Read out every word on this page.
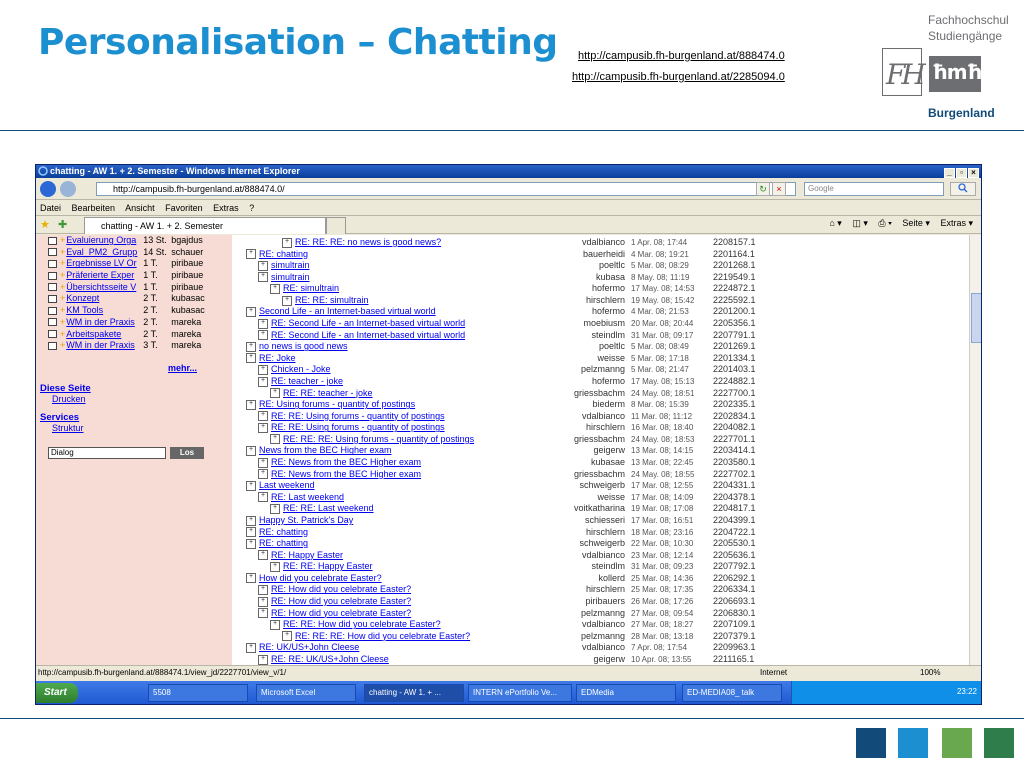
Personalisation – Chatting http://campusib.fh-burgenland.at/888474.0
http://campusib.fh-burgenland.at/2285094.0
Fachhochschul
Studiengänge
FH ħmħ
Burgenland
chatting - AW 1. + 2. Semester - Windows Internet Explorer	_ ▫ ×
http://campusib.fh-burgenland.at/888474.0/	↻ ×	Google
Datei Bearbeiten Ansicht Favoriten Extras ?
★ ✚	chatting - AW 1. + 2. Semester	⌂ ▾ ◫ ▾ ⎙ ▾ Seite ▾ Extras ▾
+Evaluierung Orga 13 St. bgajdus
+Eval_PM2_Grupp 14 St. schauer
+Ergebnisse LV Or 1 T. piribaue
+Präferierte Exper 1 T. piribaue
+Übersichtsseite V 1 T. piribaue
+Konzept	2 T. kubasac
+KM Tools	2 T. kubasac
+WM in der Praxis 2 T. mareka
+Arbeitspakete 2 T. mareka
+WM in der Praxis 3 T. mareka
mehr...
Diese Seite
Drucken
Services
Struktur
Dialog	Los
+ RE: RE: RE: no news is good news?	vdalbianco 1 Apr. 08; 17:44	2208157.1
+ RE: chatting	bauerheidi 4 Mar. 08; 19:21	2201164.1
+ simultrain	poeltlc 5 Mar. 08; 08:29	2201268.1
+ simultrain	kubasa 8 May. 08; 11:19	2219549.1
+ RE: simultrain	hofermo 17 May. 08; 14:53	2224872.1
+ RE: RE: simultrain	hirschlern 19 May. 08; 15:42	2225592.1
+ Second Life - an Internet-based virtual world	hofermo 4 Mar. 08; 21:53	2201200.1
+ RE: Second Life - an Internet-based virtual world	moebiusm 20 Mar. 08; 20:44	2205356.1
+ RE: Second Life - an Internet-based virtual world	steindlm 31 Mar. 08; 09:17	2207791.1
+ no news is good news	poeltlc 5 Mar. 08; 08:49	2201269.1
+ RE: Joke	weisse 5 Mar. 08; 17:18	2201334.1
+ Chicken - Joke	pelzmanng 5 Mar. 08; 21:47	2201403.1
+ RE: teacher - joke	hofermo 17 May. 08; 15:13	2224882.1
+ RE: RE: teacher - joke	griessbachm 24 May. 08; 18:51	2227700.1
+ RE: Using forums - quantity of postings	biederm 8 Mar. 08; 15:39	2202335.1
+ RE: RE: Using forums - quantity of postings	vdalbianco 11 Mar. 08; 11:12	2202834.1
+ RE: RE: Using forums - quantity of postings	hirschlern 16 Mar. 08; 18:40	2204082.1
+ RE: RE: RE: Using forums - quantity of postings	griessbachm 24 May. 08; 18:53	2227701.1
+ News from the BEC Higher exam	geigerw 13 Mar. 08; 14:15	2203414.1
+ RE: News from the BEC Higher exam	kubasae 13 Mar. 08; 22:45	2203580.1
+ RE: News from the BEC Higher exam	griessbachm 24 May. 08; 18:55	2227702.1
+ Last weekend	schweigerb 17 Mar. 08; 12:55	2204331.1
+ RE: Last weekend	weisse 17 Mar. 08; 14:09	2204378.1
+ RE: RE: Last weekend	voitkatharina 19 Mar. 08; 17:08	2204817.1
+ Happy St. Patrick's Day	schiesseri 17 Mar. 08; 16:51	2204399.1
+ RE: chatting	hirschlern 18 Mar. 08; 23:16	2204722.1
+ RE: chatting	schweigerb 22 Mar. 08; 10:30	2205530.1
+ RE: Happy Easter	vdalbianco 23 Mar. 08; 12:14	2205636.1
+ RE: RE: Happy Easter	steindlm 31 Mar. 08; 09:23	2207792.1
+ How did you celebrate Easter?	kollerd 25 Mar. 08; 14:36	2206292.1
+ RE: How did you celebrate Easter?	hirschlern 25 Mar. 08; 17:35	2206334.1
+ RE: How did you celebrate Easter?	piribauers 26 Mar. 08; 17:26	2206693.1
+ RE: How did you celebrate Easter?	pelzmanng 27 Mar. 08; 09:54	2206830.1
+ RE: RE: How did you celebrate Easter?	vdalbianco 27 Mar. 08; 18:27	2207109.1
+ RE: RE: RE: How did you celebrate Easter?	pelzmanng 28 Mar. 08; 13:18	2207379.1
+ RE: UK/US+John Cleese	vdalbianco 7 Apr. 08; 17:54	2209963.1
+ RE: RE: UK/US+John Cleese	geigerw 10 Apr. 08; 13:55	2211165.1
http://campusib.fh-burgenland.at/888474.1/view_jd/2227701/view_v/1/	Internet	100%
Start	5508	Microsoft Excel	chatting - AW 1. + ...	INTERN ePortfolio Ve...	EDMedia	ED-MEDIA08_ talk	23:22
